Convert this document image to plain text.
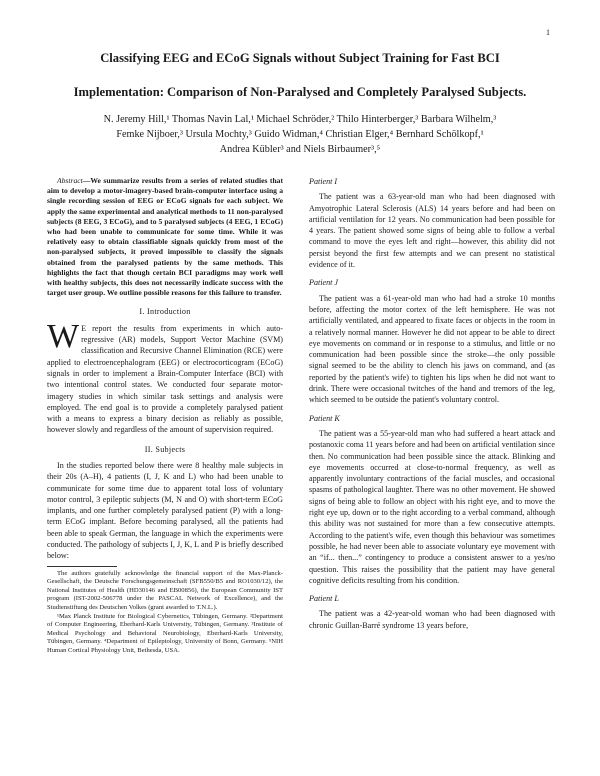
1
Classifying EEG and ECoG Signals without Subject Training for Fast BCI
Implementation: Comparison of Non-Paralysed and Completely Paralysed Subjects.
N. Jeremy Hill,¹ Thomas Navin Lal,¹ Michael Schröder,² Thilo Hinterberger,³ Barbara Wilhelm,³
Femke Nijboer,³ Ursula Mochty,³ Guido Widman,⁴ Christian Elger,⁴ Bernhard Schölkopf,¹
Andrea Kübler³ and Niels Birbaumer³,⁵

Abstract—We summarize results from a series of related studies that aim to develop a motor-imagery-based brain-computer interface using a single recording session of EEG or ECoG signals for each subject. We apply the same experimental and analytical methods to 11 non-paralysed subjects (8 EEG, 3 ECoG), and to 5 paralysed subjects (4 EEG, 1 ECoG) who had been unable to communicate for some time. While it was relatively easy to obtain classifiable signals quickly from most of the non-paralysed subjects, it proved impossible to classify the signals obtained from the paralysed patients by the same methods. This highlights the fact that though certain BCI paradigms may work well with healthy subjects, this does not necessarily indicate success with the target user group. We outline possible reasons for this failure to transfer.

I. Introduction

W E report the results from experiments in which auto-regressive (AR) models, Support Vector Machine (SVM) classification and Recursive Channel Elimination (RCE) were applied to electroencephalogram (EEG) or electrocorticogram (ECoG) signals in order to implement a Brain-Computer Interface (BCI) with two intentional control states. We conducted four separate motor-imagery studies in which similar task settings and analysis were employed. The end goal is to provide a completely paralysed patient with a means to express a binary decision as reliably as possible, however slowly and regardless of the amount of supervision required.

II. Subjects

In the studies reported below there were 8 healthy male subjects in their 20s (A–H), 4 patients (I, J, K and L) who had been unable to communicate for some time due to apparent total loss of voluntary motor control, 3 epileptic subjects (M, N and O) with short-term ECoG implants, and one further completely paralysed patient (P) with a long-term ECoG implant. Before becoming paralysed, all the patients had been able to speak German, the language in which the experiments were conducted. The pathology of subjects I, J, K, L and P is briefly described below:

The authors gratefully acknowledge the financial support of the Max-Planck-Gesellschaft, the Deutsche Forschungsgemeinschaft (SFB550/B5 and RO1030/12), the National Institutes of Health (HD30146 and EB00856), the European Community IST program (IST-2002-506778 under the PASCAL Network of Excellence), and the Studienstiftung des Deutschen Volkes (grant awarded to T.N.L.).

¹Max Planck Institute for Biological Cybernetics, Tübingen, Germany. ²Department of Computer Engineering, Eberhard-Karls University, Tübingen, Germany. ³Institute of Medical Psychology and Behavioral Neurobiology, Eberhard-Karls University, Tübingen, Germany. ⁴Department of Epileptology, University of Bonn, Germany. ⁵NIH Human Cortical Physiology Unit, Bethesda, USA.

Patient I

The patient was a 63-year-old man who had been diagnosed with Amyotrophic Lateral Sclerosis (ALS) 14 years before and had been on artificial ventilation for 12 years. No communication had been possible for 4 years. The patient showed some signs of being able to follow a verbal command to move the eyes left and right—however, this ability did not persist beyond the first few attempts and we can present no statistical evidence of it.

Patient J

The patient was a 61-year-old man who had had a stroke 10 months before, affecting the motor cortex of the left hemisphere. He was not artificially ventilated, and appeared to fixate faces or objects in the room in a relatively normal manner. However he did not appear to be able to direct eye movements on command or in response to a stimulus, and little or no communication had been possible since the stroke—the only possible signal seemed to be the ability to clench his jaws on command, and (as reported by the patient's wife) to tighten his lips when he did not want to drink. There were occasional twitches of the hand and tremors of the leg, which seemed to be outside the patient's voluntary control.

Patient K

The patient was a 55-year-old man who had suffered a heart attack and postanoxic coma 11 years before and had been on artificial ventilation since then. No communication had been possible since the attack. Blinking and eye movements occurred at close-to-normal frequency, as well as apparently involuntary contractions of the facial muscles, and occasional spasms of pathological laughter. There was no other movement. He showed signs of being able to follow an object with his right eye, and to move the right eye up, down or to the right according to a verbal command, although this ability was not sustained for more than a few consecutive attempts. According to the patient's wife, even though this behaviour was sometimes possible, he had never been able to associate voluntary eye movement with an “if... then...” contingency to produce a consistent answer to a yes/no question. This raises the possibility that the patient may have general cognitive deficits resulting from his condition.

Patient L

The patient was a 42-year-old woman who had been diagnosed with chronic Guillan-Barré syndrome 13 years before,
